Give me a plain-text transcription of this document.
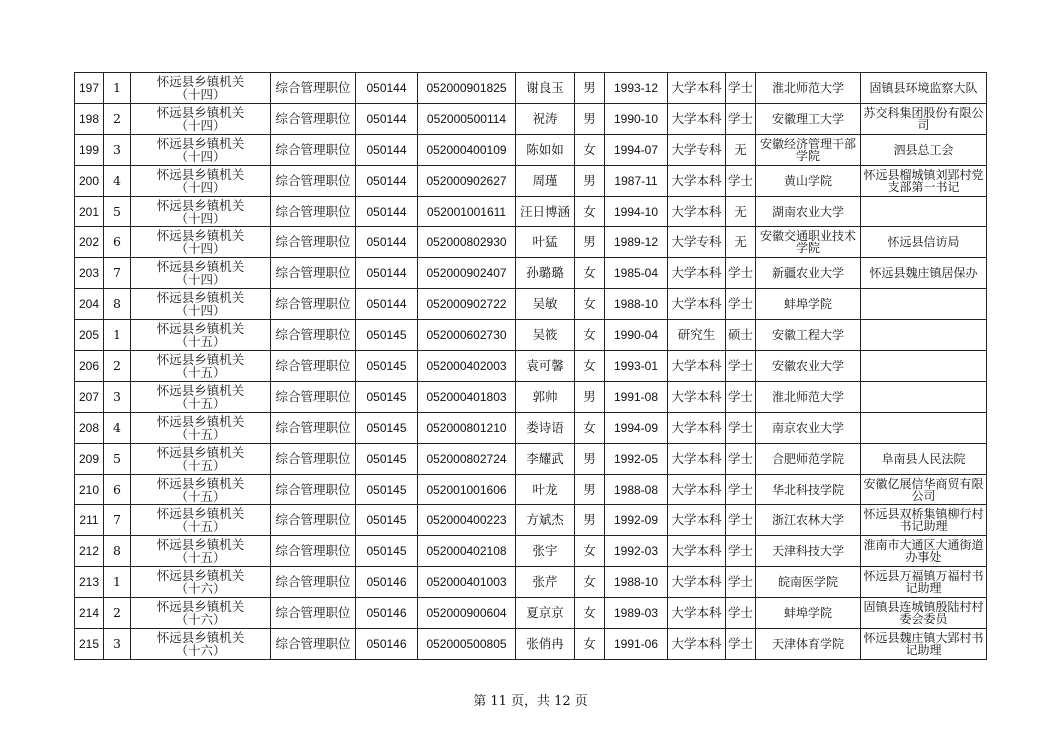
197	1	怀远县乡镇机关
（十四）	综合管理职位	050144	052000901825	谢良玉	男	1993-12	大学本科	学士	淮北师范大学	固镇县环境监察大队
198	2	怀远县乡镇机关
（十四）	综合管理职位	050144	052000500114	祝涛	男	1990-10	大学本科	学士	安徽理工大学	苏交科集团股份有限公司
199	3	怀远县乡镇机关
（十四）	综合管理职位	050144	052000400109	陈如如	女	1994-07	大学专科	无	安徽经济管理干部学院	泗县总工会
200	4	怀远县乡镇机关
（十四）	综合管理职位	050144	052000902627	周瑾	男	1987-11	大学本科	学士	黄山学院	怀远县榴城镇刘郢村党支部第一书记
201	5	怀远县乡镇机关
（十四）	综合管理职位	050144	052001001611	汪日博涵	女	1994-10	大学本科	无	湖南农业大学	
202	6	怀远县乡镇机关
（十四）	综合管理职位	050144	052000802930	叶猛	男	1989-12	大学专科	无	安徽交通职业技术学院	怀远县信访局
203	7	怀远县乡镇机关
（十四）	综合管理职位	050144	052000902407	孙璐璐	女	1985-04	大学本科	学士	新疆农业大学	怀远县魏庄镇居保办
204	8	怀远县乡镇机关
（十四）	综合管理职位	050144	052000902722	吴敏	女	1988-10	大学本科	学士	蚌埠学院	
205	1	怀远县乡镇机关
（十五）	综合管理职位	050145	052000602730	吴筱	女	1990-04	研究生	硕士	安徽工程大学	
206	2	怀远县乡镇机关
（十五）	综合管理职位	050145	052000402003	袁可馨	女	1993-01	大学本科	学士	安徽农业大学	
207	3	怀远县乡镇机关
（十五）	综合管理职位	050145	052000401803	郭帅	男	1991-08	大学本科	学士	淮北师范大学	
208	4	怀远县乡镇机关
（十五）	综合管理职位	050145	052000801210	娄诗语	女	1994-09	大学本科	学士	南京农业大学	
209	5	怀远县乡镇机关
（十五）	综合管理职位	050145	052000802724	李耀武	男	1992-05	大学本科	学士	合肥师范学院	阜南县人民法院
210	6	怀远县乡镇机关
（十五）	综合管理职位	050145	052001001606	叶龙	男	1988-08	大学本科	学士	华北科技学院	安徽亿展信华商贸有限公司
211	7	怀远县乡镇机关
（十五）	综合管理职位	050145	052000400223	方斌杰	男	1992-09	大学本科	学士	浙江农林大学	怀远县双桥集镇柳行村书记助理
212	8	怀远县乡镇机关
（十五）	综合管理职位	050145	052000402108	张宇	女	1992-03	大学本科	学士	天津科技大学	淮南市大通区大通街道办事处
213	1	怀远县乡镇机关
（十六）	综合管理职位	050146	052000401003	张芹	女	1988-10	大学本科	学士	皖南医学院	怀远县万福镇万福村书记助理
214	2	怀远县乡镇机关
（十六）	综合管理职位	050146	052000900604	夏京京	女	1989-03	大学本科	学士	蚌埠学院	固镇县连城镇殷陆村村委会委员
215	3	怀远县乡镇机关
（十六）	综合管理职位	050146	052000500805	张俏冉	女	1991-06	大学本科	学士	天津体育学院	怀远县魏庄镇大郢村书记助理
第 11 页，共 12 页
